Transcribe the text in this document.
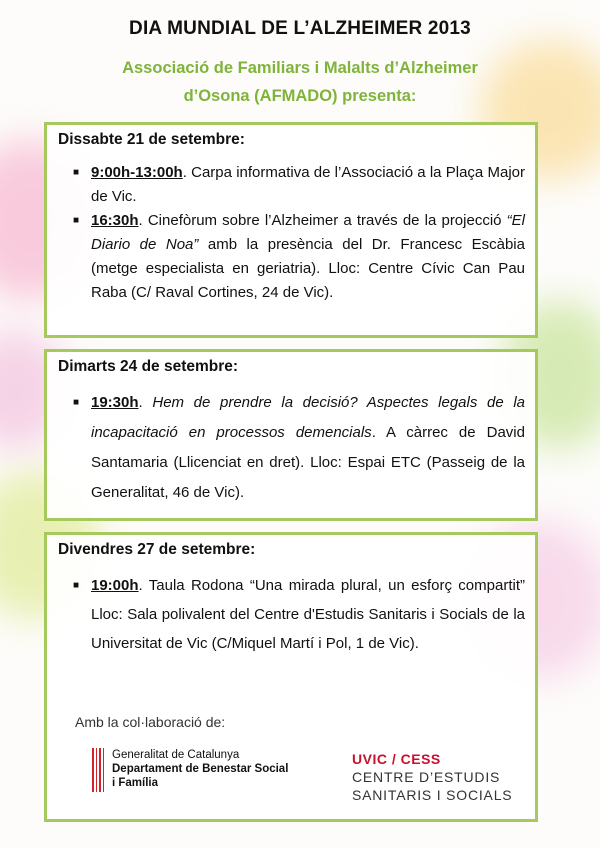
DIA MUNDIAL DE L’ALZHEIMER 2013
Associació de Familiars i Malalts d’Alzheimer
d’Osona (AFMADO) presenta:
Dissabte 21 de setembre:
■ 9:00h-13:00h. Carpa informativa de l’Associació a la Plaça Major de Vic.
■ 16:30h. Cinefòrum sobre l’Alzheimer a través de la projecció “El Diario de Noa” amb la presència del Dr. Francesc Escàbia (metge especialista en geriatria). Lloc: Centre Cívic Can Pau Raba (C/ Raval Cortines, 24 de Vic).
Dimarts 24 de setembre:
■ 19:30h. Hem de prendre la decisió? Aspectes legals de la incapacitació en processos demencials. A càrrec de David Santamaria (Llicenciat en dret). Lloc: Espai ETC (Passeig de la Generalitat, 46 de Vic).
Divendres 27 de setembre:
■ 19:00h. Taula Rodona “Una mirada plural, un esforç compartit” Lloc: Sala polivalent del Centre d'Estudis Sanitaris i Socials de la Universitat de Vic (C/Miquel Martí i Pol, 1 de Vic).
Amb la col·laboració de:
Generalitat de Catalunya
Departament de Benestar Social
i Família
UVIC / CESS
CENTRE D’ESTUDIS
SANITARIS I SOCIALS
